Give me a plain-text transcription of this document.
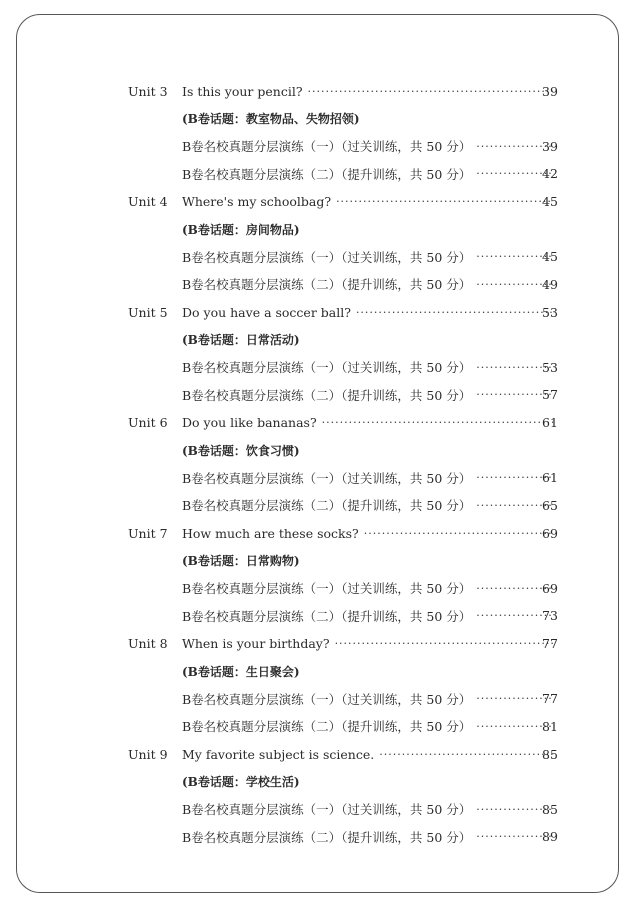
Unit 3	Is this your pencil? ·····	39
(B卷话题：教室物品、失物招领)
B卷名校真题分层演练（一）（过关训练，共 50 分） ·····	39
B卷名校真题分层演练（二）（提升训练，共 50 分） ·····	42
Unit 4	Where's my schoolbag? ·····	45
(B卷话题：房间物品)
B卷名校真题分层演练（一）（过关训练，共 50 分） ·····	45
B卷名校真题分层演练（二）（提升训练，共 50 分） ·····	49
Unit 5	Do you have a soccer ball? ·····	53
(B卷话题：日常活动)
B卷名校真题分层演练（一）（过关训练，共 50 分） ·····	53
B卷名校真题分层演练（二）（提升训练，共 50 分） ·····	57
Unit 6	Do you like bananas? ·····	61
(B卷话题：饮食习惯)
B卷名校真题分层演练（一）（过关训练，共 50 分） ·····	61
B卷名校真题分层演练（二）（提升训练，共 50 分） ·····	65
Unit 7	How much are these socks? ·····	69
(B卷话题：日常购物)
B卷名校真题分层演练（一）（过关训练，共 50 分） ·····	69
B卷名校真题分层演练（二）（提升训练，共 50 分） ·····	73
Unit 8	When is your birthday? ·····	77
(B卷话题：生日聚会)
B卷名校真题分层演练（一）（过关训练，共 50 分） ·····	77
B卷名校真题分层演练（二）（提升训练，共 50 分） ·····	81
Unit 9	My favorite subject is science. ·····	85
(B卷话题：学校生活)
B卷名校真题分层演练（一）（过关训练，共 50 分） ·····	85
B卷名校真题分层演练（二）（提升训练，共 50 分） ·····	89
